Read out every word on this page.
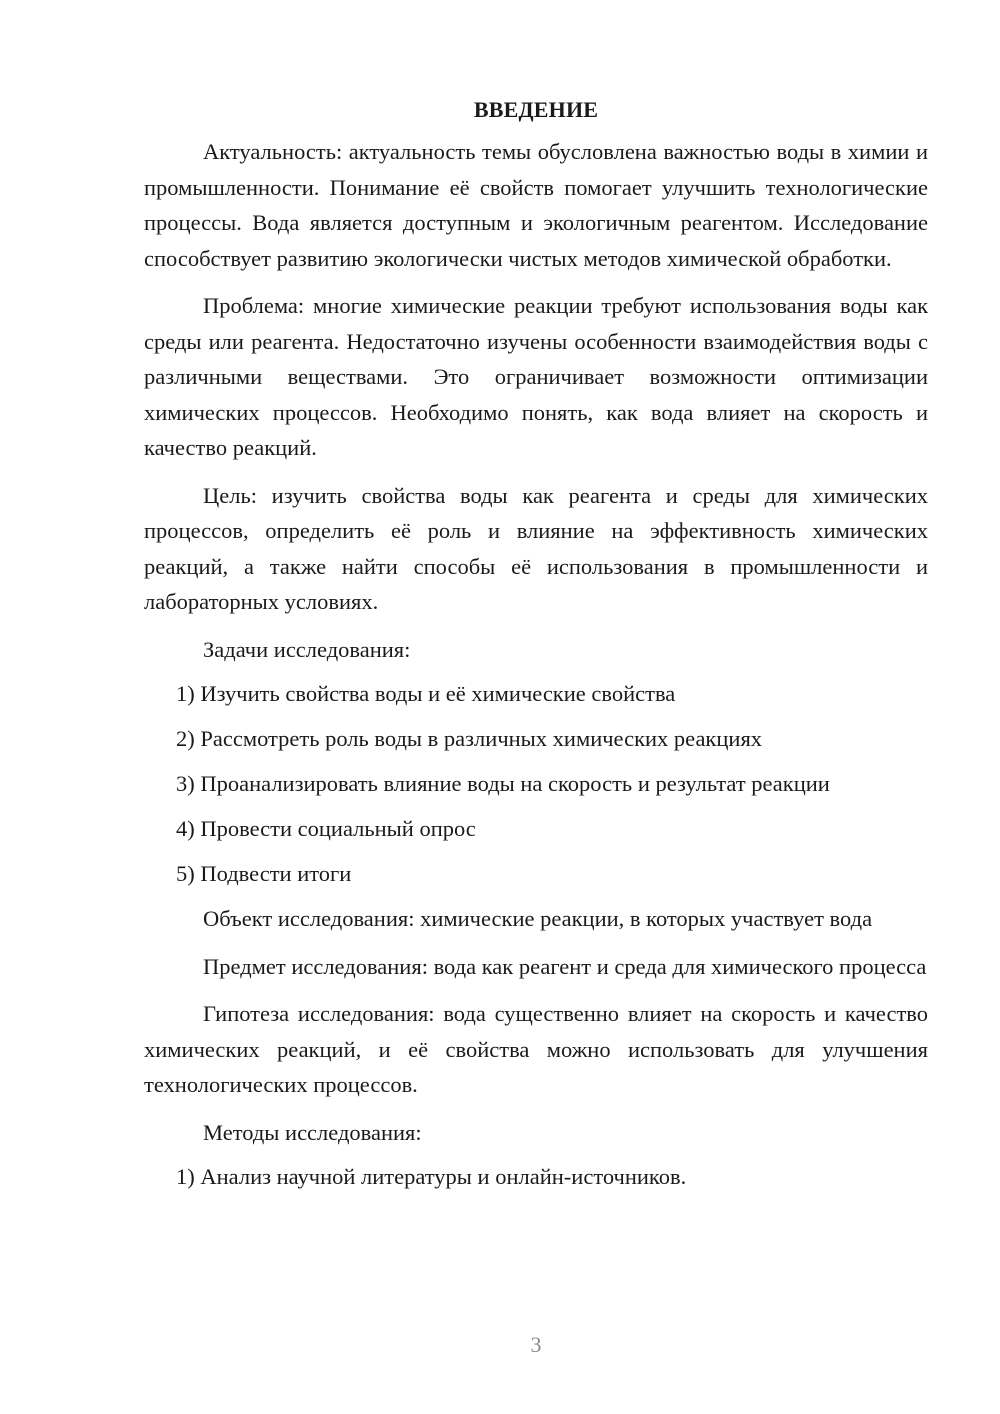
ВВЕДЕНИЕ

Актуальность: актуальность темы обусловлена важностью воды в химии и промышленности. Понимание её свойств помогает улучшить технологические процессы. Вода является доступным и экологичным реагентом. Исследование способствует развитию экологически чистых методов химической обработки.

Проблема: многие химические реакции требуют использования воды как среды или реагента. Недостаточно изучены особенности взаимодействия воды с различными веществами. Это ограничивает возможности оптимизации химических процессов. Необходимо понять, как вода влияет на скорость и качество реакций.

Цель: изучить свойства воды как реагента и среды для химических процессов, определить её роль и влияние на эффективность химических реакций, а также найти способы её использования в промышленности и лабораторных условиях.

Задачи исследования:

1) Изучить свойства воды и её химические свойства
2) Рассмотреть роль воды в различных химических реакциях
3) Проанализировать влияние воды на скорость и результат реакции
4) Провести социальный опрос
5) Подвести итоги

Объект исследования: химические реакции, в которых участвует вода

Предмет исследования: вода как реагент и среда для химического процесса

Гипотеза исследования: вода существенно влияет на скорость и качество химических реакций, и её свойства можно использовать для улучшения технологических процессов.

Методы исследования:

1) Анализ научной литературы и онлайн-источников.
3
